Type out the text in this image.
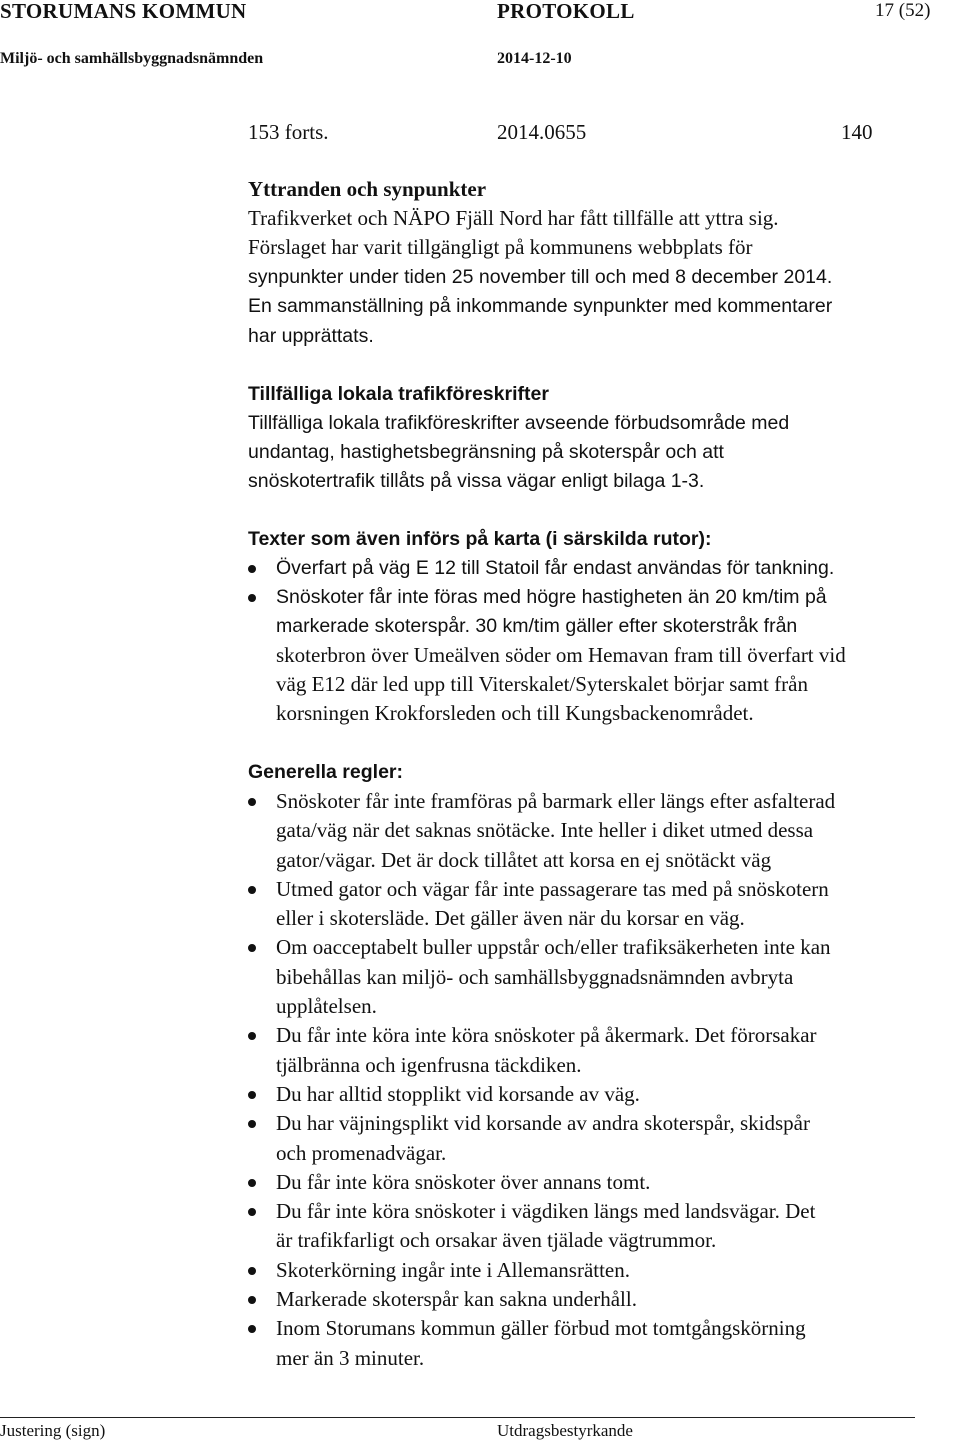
STORUMANS KOMMUN	PROTOKOLL	17 (52)
Miljö- och samhällsbyggnadsnämnden	2014-12-10
153 forts.	2014.0655	140
Yttranden och synpunkter
Trafikverket och NÄPO Fjäll Nord har fått tillfälle att yttra sig.
Förslaget har varit tillgängligt på kommunens webbplats för
synpunkter under tiden 25 november till och med 8 december 2014.
En sammanställning på inkommande synpunkter med kommentarer
har upprättats.
Tillfälliga lokala trafikföreskrifter
Tillfälliga lokala trafikföreskrifter avseende förbudsområde med
undantag, hastighetsbegränsning på skoterspår och att
snöskotertrafik tillåts på vissa vägar enligt bilaga 1-3.
Texter som även införs på karta (i särskilda rutor):
Överfart på väg E 12 till Statoil får endast användas för tankning.
Snöskoter får inte föras med högre hastigheten än 20 km/tim på
markerade skoterspår. 30 km/tim gäller efter skoterstråk från
skoterbron över Umeälven söder om Hemavan fram till överfart vid
väg E12 där led upp till Viterskalet/Syterskalet börjar samt från
korsningen Krokforsleden och till Kungsbackenområdet.
Generella regler:
Snöskoter får inte framföras på barmark eller längs efter asfalterad
gata/väg när det saknas snötäcke. Inte heller i diket utmed dessa
gator/vägar. Det är dock tillåtet att korsa en ej snötäckt väg
Utmed gator och vägar får inte passagerare tas med på snöskotern
eller i skotersläde. Det gäller även när du korsar en väg.
Om oacceptabelt buller uppstår och/eller trafiksäkerheten inte kan
bibehållas kan miljö- och samhällsbyggnadsnämnden avbryta
upplåtelsen.
Du får inte köra inte köra snöskoter på åkermark. Det förorsakar
tjälbränna och igenfrusna täckdiken.
Du har alltid stopplikt vid korsande av väg.
Du har väjningsplikt vid korsande av andra skoterspår, skidspår
och promenadvägar.
Du får inte köra snöskoter över annans tomt.
Du får inte köra snöskoter i vägdiken längs med landsvägar. Det
är trafikfarligt och orsakar även tjälade vägtrummor.
Skoterkörning ingår inte i Allemansrätten.
Markerade skoterspår kan sakna underhåll.
Inom Storumans kommun gäller förbud mot tomtgångskörning
mer än 3 minuter.
Justering (sign)	Utdragsbestyrkande
